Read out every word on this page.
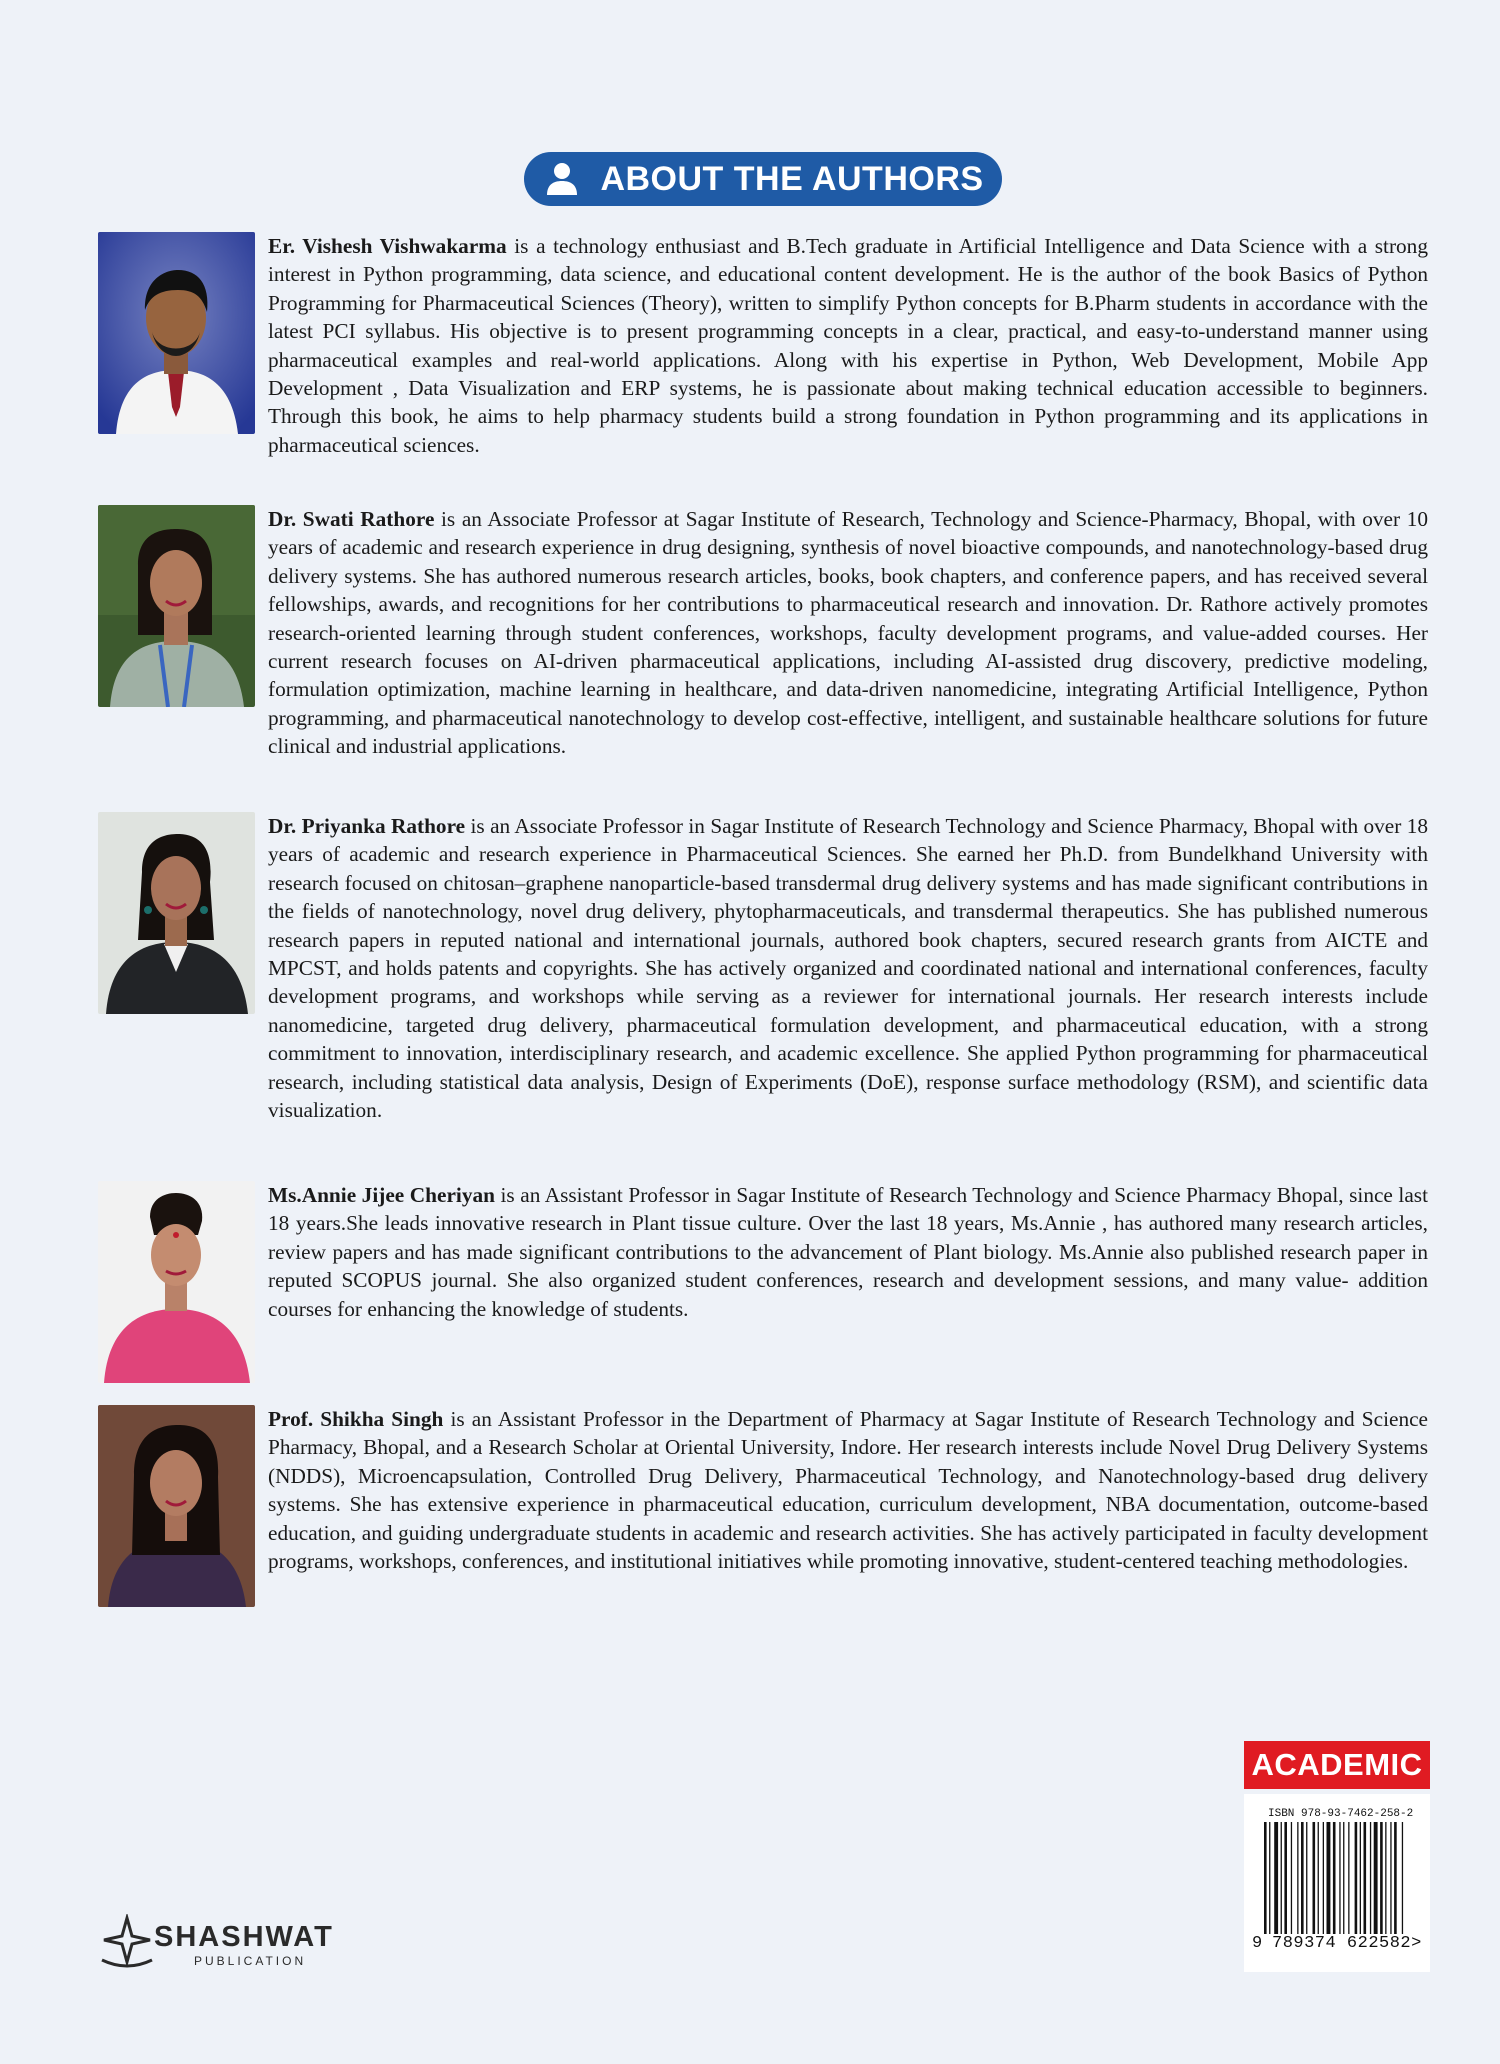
ABOUT THE AUTHORS

Er. Vishesh Vishwakarma is a technology enthusiast and B.Tech graduate in Artificial Intelligence and Data Science with a strong interest in Python programming, data science, and educational content development. He is the author of the book Basics of Python Programming for Pharmaceutical Sciences (Theory), written to simplify Python concepts for B.Pharm students in accordance with the latest PCI syllabus. His objective is to present programming concepts in a clear, practical, and easy-to-understand manner using pharmaceutical examples and real-world applications. Along with his expertise in Python, Web Development, Mobile App Development , Data Visualization and ERP systems, he is passionate about making technical education accessible to beginners. Through this book, he aims to help pharmacy students build a strong foundation in Python programming and its applications in pharmaceutical sciences.

Dr. Swati Rathore is an Associate Professor at Sagar Institute of Research, Technology and Science-Pharmacy, Bhopal, with over 10 years of academic and research experience in drug designing, synthesis of novel bioactive compounds, and nanotechnology-based drug delivery systems. She has authored numerous research articles, books, book chapters, and conference papers, and has received several fellowships, awards, and recognitions for her contributions to pharmaceutical research and innovation. Dr. Rathore actively promotes research-oriented learning through student conferences, workshops, faculty development programs, and value-added courses. Her current research focuses on AI-driven pharmaceutical applications, including AI-assisted drug discovery, predictive modeling, formulation optimization, machine learning in healthcare, and data-driven nanomedicine, integrating Artificial Intelligence, Python programming, and pharmaceutical nanotechnology to develop cost-effective, intelligent, and sustainable healthcare solutions for future clinical and industrial applications.

Dr. Priyanka Rathore is an Associate Professor in Sagar Institute of Research Technology and Science Pharmacy, Bhopal with over 18 years of academic and research experience in Pharmaceutical Sciences. She earned her Ph.D. from Bundelkhand University with research focused on chitosan–graphene nanoparticle-based transdermal drug delivery systems and has made significant contributions in the fields of nanotechnology, novel drug delivery, phytopharmaceuticals, and transdermal therapeutics. She has published numerous research papers in reputed national and international journals, authored book chapters, secured research grants from AICTE and MPCST, and holds patents and copyrights. She has actively organized and coordinated national and international conferences, faculty development programs, and workshops while serving as a reviewer for international journals. Her research interests include nanomedicine, targeted drug delivery, pharmaceutical formulation development, and pharmaceutical education, with a strong commitment to innovation, interdisciplinary research, and academic excellence. She applied Python programming for pharmaceutical research, including statistical data analysis, Design of Experiments (DoE), response surface methodology (RSM), and scientific data visualization.

Ms.Annie Jijee Cheriyan is an Assistant Professor in Sagar Institute of Research Technology and Science Pharmacy Bhopal, since last 18 years.She leads innovative research in Plant tissue culture. Over the last 18 years, Ms.Annie , has authored many research articles, review papers and has made significant contributions to the advancement of Plant biology. Ms.Annie also published research paper in reputed SCOPUS journal. She also organized student conferences, research and development sessions, and many value- addition courses for enhancing the knowledge of students.

Prof. Shikha Singh is an Assistant Professor in the Department of Pharmacy at Sagar Institute of Research Technology and Science Pharmacy, Bhopal, and a Research Scholar at Oriental University, Indore. Her research interests include Novel Drug Delivery Systems (NDDS), Microencapsulation, Controlled Drug Delivery, Pharmaceutical Technology, and Nanotechnology-based drug delivery systems. She has extensive experience in pharmaceutical education, curriculum development, NBA documentation, outcome-based education, and guiding undergraduate students in academic and research activities. She has actively participated in faculty development programs, workshops, conferences, and institutional initiatives while promoting innovative, student-centered teaching methodologies.

SHASHWAT
PUBLICATION
ACADEMIC
ISBN 978-93-7462-258-2
9 789374 622582>
